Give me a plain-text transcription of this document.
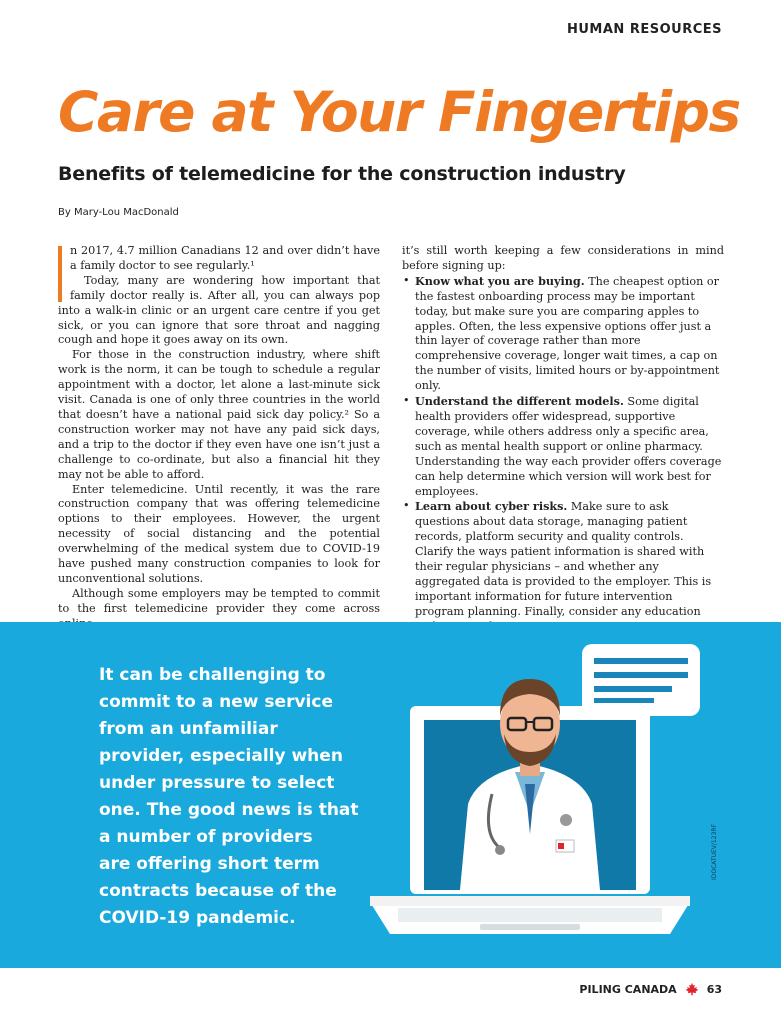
HUMAN RESOURCES
Care at Your Fingertips
Benefits of telemedicine for the construction industry
By Mary-Lou MacDonald

n 2017, 4.7 million Canadians 12 and over didn’t have a family doctor to see regularly.¹

Today, many are wondering how important that family doctor really is. After all, you can always pop into a walk-in clinic or an urgent care centre if you get sick, or you can ignore that sore throat and nagging cough and hope it goes away on its own.

For those in the construction industry, where shift work is the norm, it can be tough to schedule a regular appointment with a doctor, let alone a last-minute sick visit. Canada is one of only three countries in the world that doesn’t have a national paid sick day policy.² So a construction worker may not have any paid sick days, and a trip to the doctor if they even have one isn’t just a challenge to co-ordinate, but also a financial hit they may not be able to afford.

Enter telemedicine. Until recently, it was the rare construction company that was offering telemedicine options to their employees. However, the urgent necessity of social distancing and the potential overwhelming of the medical system due to COVID-19 have pushed many construction companies to look for unconventional solutions.

Although some employers may be tempted to commit to the first telemedicine provider they come across

it’s still worth keeping a few considerations in mind before signing up:

• Know what you are buying. The cheapest option or the fastest onboarding process may be important today, but make sure you are comparing apples to apples. Often, the less expensive options offer just a thin layer of coverage rather than more comprehensive coverage, longer wait times, a cap on the number of visits, limited hours or by-appointment only.
• Understand the different models. Some digital health providers offer widespread, supportive coverage, while others address only a specific area, such as mental health support or online pharmacy. Understanding the way each provider offers coverage can help determine which version will work best for employees.
• Learn about cyber risks. Make sure to ask questions about data storage, managing patient records, platform security and quality controls. Clarify the ways patient information is shared with their regular physicians – and whether any aggregated data is provided to the employer. This is important information for future intervention program planning. Finally, consider any education
It can be challenging to
commit to a new service
from an unfamiliar
provider, especially when
under pressure to select
one. The good news is that
a number of providers
are offering short term
contracts because of the
COVID-19 pandemic.
IDOCATUEV/123RF
PILING CANADA	63
